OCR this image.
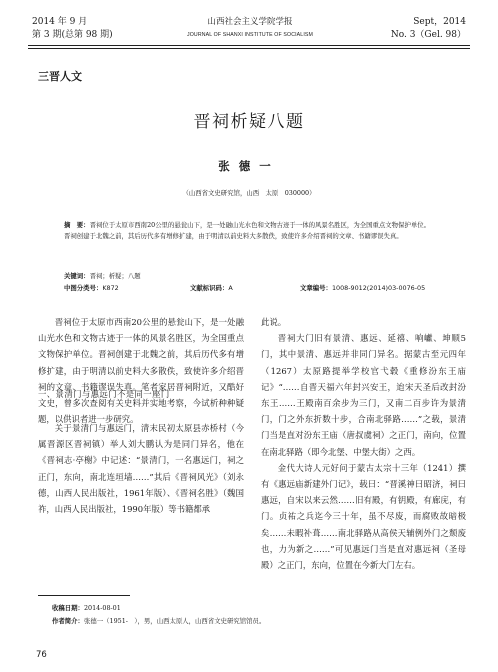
2014 年 9 月
第 3 期(总第 98 期)
山西社会主义学院学报
JOURNAL OF SHANXI INSTITUTE OF SOCIALISM
Sept，2014
No. 3（Gel. 98）
三晋人文
晋祠析疑八题
张德一
（山西省文史研究馆，山西　太原　030000）
摘　要：晋祠位于太原市西南20公里的悬瓮山下，是一处融山光水色和文物古迹于一体的风景名胜区，为全国重点文物保护单位。晋祠创建于北魏之前，其后历代多有增修扩建，由于明清以前史料大多散佚，致使许多介绍晋祠的文章、书籍谬误失真。
关键词：晋祠；析疑；八题
中图分类号：K872	文献标识码：A	文章编号：1008-9012(2014)03-0076-05

晋祠位于太原市西南20公里的悬瓮山下，是一处融山光水色和文物古迹于一体的风景名胜区，为全国重点文物保护单位。晋祠创建于北魏之前，其后历代多有增修扩建，由于明清以前史料大多散佚，致使许多介绍晋祠的文章、书籍谬误失真。笔者家居晋祠附近，又酷好文史，曾多次查阅有关史料并实地考察，今试析种种疑题，以供识者进一步研究。

一、景清门与惠远门不是同一座门

关于景清门与惠远门，清末民初太原县赤桥村（今属晋源区晋祠镇）举人刘大鹏认为是同门异名，他在《晋祠志·亭榭》中记述：“景清门，一名惠远门，祠之正门，东向，南北连垣墙……”其后《晋祠风光》（刘永德，山西人民出版社，1961年版）、《晋祠名胜》（魏国祚，山西人民出版社，1990年版）等书籍都承

此说。

晋祠大门旧有景清、惠远、延禧、响巘、坤顺5门，其中景清、惠远并非同门异名。据蒙古至元四年（1267）太原路提举学校官弋毂《重修汾东王庙记》“……自晋天福六年封兴安王，迨宋天圣后改封汾东王……王殿南百余步为三门，又南二百步许为景清门，门之外东折数十步，合南北驿路……”之载，景清门当是直对汾东王庙（唐叔虞祠）之正门，南向，位置在南北驿路（即今北堡、中堡大街）之西。

金代大诗人元好问于蒙古太宗十三年（1241）撰有《惠远庙新建外门记》，载曰：“晋溪神曰昭济，祠曰惠远，自宋以来云然……旧有殿，有钥殿，有廊庑，有门。贞祐之兵迄今三十年，虽不尽废，而腐败故暗极矣……未暇补葺……南北驿路从高侯天辅例外门之颓废也，力为新之……”可见惠远门当是直对惠远祠（圣母殿）之正门，东向，位置在今新大门左右。

收稿日期：2014-08-01
作者简介：张德一（1951-　），男，山西太原人，山西省文史研究馆馆员。
76
